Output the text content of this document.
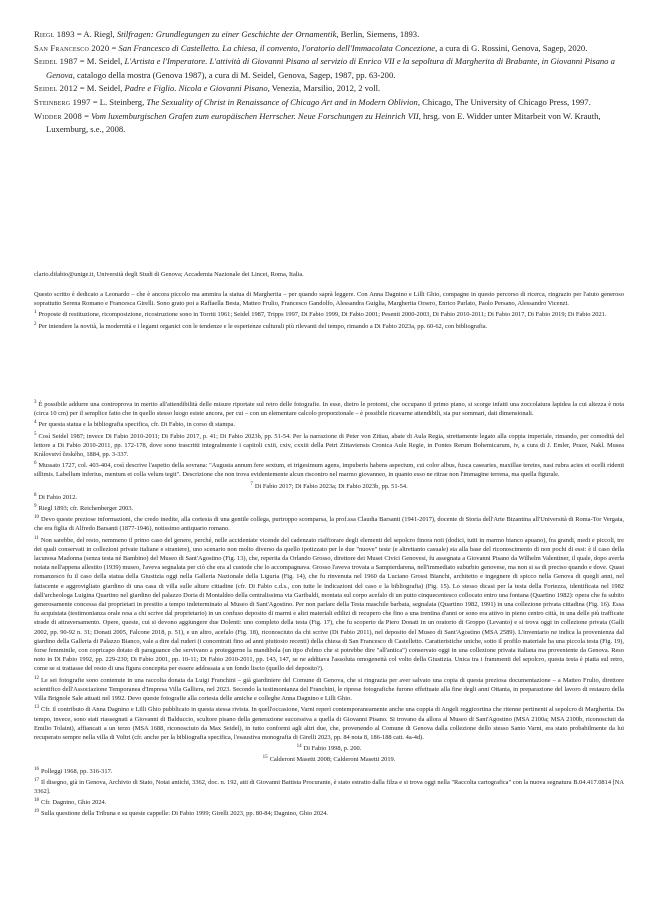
Riegl 1893 = A. Riegl, Stilfragen: Grundlegungen zu einer Geschichte der Ornamentik, Berlin, Siemens, 1893.
San Francesco 2020 = San Francesco di Castelletto. La chiesa, il convento, l'oratorio dell'Immacolata Concezione, a cura di G. Rossini, Genova, Sagep, 2020.
Seidel 1987 = M. Seidel, L'Artista e l'Imperatore. L'attività di Giovanni Pisano al servizio di Enrico VII e la sepoltura di Margherita di Brabante, in Giovanni Pisano a Genova, catalogo della mostra (Genova 1987), a cura di M. Seidel, Genova, Sagep, 1987, pp. 63-200.
Seidel 2012 = M. Seidel, Padre e Figlio. Nicola e Giovanni Pisano, Venezia, Marsilio, 2012, 2 voll.
Steinberg 1997 = L. Steinberg, The Sexuality of Christ in Renaissance of Chicago Art and in Modern Oblivion, Chicago, The University of Chicago Press, 1997.
Widder 2008 = Vom luxemburgischen Grafen zum europäischen Herrscher. Neue Forschungen zu Heinrich VII, hrsg. von E. Widder unter Mitarbeit von W. Krauth, Luxemburg, s.e., 2008.
clario.difabio@unige.it, Università degli Studi di Genova; Accademia Nazionale dei Lincei, Roma, Italia.

Questo scritto è dedicato a Leonardo – che è ancora piccolo ma ammira la statua di Margherita – per quando saprà leggere. Con Anna Dagnino e Lilli Ghio, compagne in questo percorso di ricerca, ringrazio per l'aiuto generoso soprattutto Serena Romano e Francesca Girelli. Sono grato poi a Raffaella Besta, Matteo Frulio, Francesco Gandolfo, Alessandra Guiglia, Margherita Orsero, Enrico Parlato, Paolo Persano, Alessandro Vicenzi.

$^1$ Proposte di restituzione, ricomposizione, ricostruzione sono in Torriti 1961; Seidel 1987, Tripps 1997, Di Fabio 1999, Di Fabio 2001; Pesenti 2000-2003, Di Fabio 2010-2011; Di Fabio 2017, Di Fabio 2019; Di Fabio 2021.

$^2$ Per intendere la novità, la modernità e i legami organici con le tendenze e le esperienze culturali più rilevanti del tempo, rimando a Di Fabio 2023a, pp. 60-62, con bibliografia.

$^3$ È possibile addurre una controprova in merito all'attendibilità delle misure riportate sul retro delle fotografie. In esse, dietro le protomi, che occupano il primo piano, si scorge infatti una zoccolatura lapidea la cui altezza è nota (circa 10 cm) per il semplice fatto che in quello stesso luogo esiste ancora, per cui – con un elementare calcolo proporzionale – è possibile ricavarne attendibili, sia pur sommari, dati dimensionali.

$^4$ Per questa statua e la bibliografia specifica, cfr. Di Fabio, in corso di stampa.

$^5$ Così Seidel 1987; invece Di Fabio 2010-2011; Di Fabio 2017, p. 41; Di Fabio 2023b, pp. 51-54. Per la narrazione di Peter von Zittau, abate di Aula Regia, strettamente legato alla coppia imperiale, rimando, per comodità del lettore a Di Fabio 2010-2011, pp. 172-178, dove sono trascritti integralmente i capitoli cxiii, cxiv, cxxiii della Petri Zittaviensis Cronica Aule Regie, in Fontes Rerum Bohemicarum, iv, a cura di J. Emler, Praze, Nakl. Musea Království českého, 1884, pp. 3-337.

$^6$ Mussato 1727, col. 403-404, così descrive l'aspetto della sovrana: "Augusta annum fere sextum, et trigesimum agens, impuberis habens aspectum, cui color albus, fusca casearies, maxillae teretes, nasi rubra acies et ocelli ridenti sillimis. Labellum inferius, mentum et colla velum tegit". Descrizione che non trova evidentemente alcun riscontro nel marmo giovanneo, in quanto esso ne ritrae non l'immagine terrena, ma quella figurale.

$^7$ Di Fabio 2017; Di Fabio 2023a; Di Fabio 2023b, pp. 51-54.

$^8$ Di Fabio 2012.

$^9$ Riegl 1893; cfr. Reichenberger 2003.

$^{10}$ Devo queste preziose informazioni, che credo inedite, alla cortesia di una gentile collega, purtroppo scomparsa, la prof.ssa Claudia Barsanti (1941-2017), docente di Storia dell'Arte Bizantina all'Università di Roma-Tor Vergata, che era figlia di Alfredo Barsanti (1877-1946), notissimo antiquario romano.

$^{11}$ Non sarebbe, del resto, nemmeno il primo caso del genere, perché, nelle accidentate vicende del cadenzato riaffiorare degli elementi del sepolcro finora noti (dodici, tutti in marmo bianco apuano), fra grandi, medi e piccoli, tre dei quali conservati in collezioni private italiane e straniere), uno scenario non molto diverso da quello ipotizzato per le due "nuove" teste (e altrettanto casuale) sta alla base del riconoscimento di non pochi di essi: è il caso della lacunosa Madonna (senza testa né Bambino) del Museo di Sant'Agostino (Fig. 13), che, reperita da Orlando Grosso, direttore dei Musei Civici Genovesi, fu assegnata a Giovanni Pisano da Wilhelm Valentiner, il quale, dopo averla notata nell'appena allestito (1939) museo, l'aveva segnalata per ciò che era al custode che lo accompagnava. Grosso l'aveva trovata a Sampierdarena, nell'immediato suburbio genovese, ma non si sa di preciso quando e dove. Quasi romanzesco fu il caso della statua della Giustizia oggi nella Galleria Nazionale della Liguria (Fig. 14), che fu rinvenuta nel 1960 da Luciano Grossi Bianchi, architetto e ingegnere di spicco nella Genova di quegli anni, nel fatiscente e aggrovigliato giardino di una casa di villa sulle alture cittadine (cfr. Di Fabio c.d.s., con tutte le indicazioni del caso e la bibliografia) (Fig. 15). Lo stesso dicasi per la testa della Fortezza, identificata nel 1982 dall'archeologa Luigina Quartino nel giardino del palazzo Doria di Montaldeo della centralissima via Garibaldi, montata sul corpo acefalo di un putto cinquecentesco collocato entro una fontana (Quartino 1982): opera che fu subito generosamente concessa dai proprietari in prestito a tempo indeterminato al Museo di Sant'Agostino. Per non parlare della Testa maschile barbata, segnalata (Quartino 1982, 1991) in una collezione privata cittadina (Fig. 16). Essa fu acquistata (testimonianza orale resa a chi scrive dal proprietario) in un confuso deposito di marmi e altri materiali edilizi di recupero che fino a una trentina d'anni or sono era attivo in pieno centro città, in una delle più trafficate strade di attraversamento. Opere, queste, cui si devono aggiungere due Dolenti: uno completo della testa (Fig. 17), che fu scoperto da Piero Donati in un oratorio di Groppo (Levanto) e si trova oggi in collezione privata (Galli 2002, pp. 90-92 n. 31; Donati 2005, Falcone 2018, p. 51), e un altro, acefalo (Fig. 18), riconosciuto da chi scrive (Di Fabio 2011), nel deposito del Museo di Sant'Agostino (MSA 2589). L'inventario ne indica la provenienza dal giardino della Galleria di Palazzo Bianco, vale a dire dal ruderi (i concentrati fino ad anni piuttosto recenti) della chiesa di San Francesco di Castelletto. Caratteristiche uniche, sotto il profilo materiale ha una piccola testa (Fig. 19), forse femminile, con copricapo dotato di paraguance che servivano a proteggerne la mandibola (un tipo d'elmo che si potrebbe dire "all'antica") conservato oggi in una collezione privata italiana ma proveniente da Genova. Reso noto in Di Fabio 1992, pp. 229-230; Di Fabio 2001, pp. 10-11; Di Fabio 2010-2011, pp. 143, 147, se ne additava l'assoluta omogeneità col volto della Giustizia. Unica tra i frammenti del sepolcro, questa testa è piatta sul retro, come se si trattasse del resto di una figura concepita per essere addossata a un fondo liscio (quello del deposito?).

$^{12}$ Le sei fotografie sono contenute in una raccolta donata da Luigi Franchini – già giardiniere del Comune di Genova, che si ringrazia per aver salvato una copia di questa preziosa documentazione – a Matteo Frulio, direttore scientifico dell'Associazione Temporanea d'Impresa Villa Galliera, nel 2023. Secondo la testimonianza del Franchini, le riprese fotografiche furono effettuate alla fine degli anni Ottanta, in preparazione del lavoro di restauro della Villa Brignole Sale attuati nel 1992. Devo queste fotografie alla cortesia delle amiche e colleghe Anna Dagnino e Lilli Ghio.

$^{13}$ Cfr. il contributo di Anna Dagnino e Lilli Ghio pubblicato in questa stessa rivista. In quell'occasione, Varni reperì contemporaneamente anche una coppia di Angeli reggicortina che ritenne pertinenti al sepolcro di Margherita. Da tempo, invece, sono stati riassegnati a Giovanni di Balduccio, scultore pisano della generazione successiva a quella di Giovanni Pisano. Si trovano da allora al Museo di Sant'Agostino (MSA 2100a; MSA 2100b, riconosciuti da Emilio Tolaini), affiancati a un terzo (MSA 1688, riconosciuto da Max Seidel), in tutto conformi agli altri due, che, provenendo al Comune di Genova dalla collezione dello stesso Santo Varni, era stato probabilmente da lui recuperato sempre nella villa di Voltri (cfr. anche per la bibliografia specifica, l'esaustiva monografia di Girelli 2023, pp. 84 nota 8, 186-188 catt. 4a-4d).

$^{14}$ Di Fabio 1998, p. 200.

$^{15}$ Calderoni Masetti 2008; Calderoni Masetti 2019.

$^{16}$ Polleggi 1968, pp. 316-317.

$^{17}$ Il disegno, già in Genova, Archivio di Stato, Notai antichi, 3362, doc. n. 192, atti di Giovanni Battista Procurante, è stato estratto dalla filza e si trova oggi nella "Raccolta cartografica" con la nuova segnatura B.04.417.0814 [NA 3362].

$^{18}$ Cfr. Dagnino, Ghio 2024.

$^{19}$ Sulla questione della Tribuna e su queste cappelle: Di Fabio 1999; Girelli 2023, pp. 80-84; Dagnino, Ghio 2024.
